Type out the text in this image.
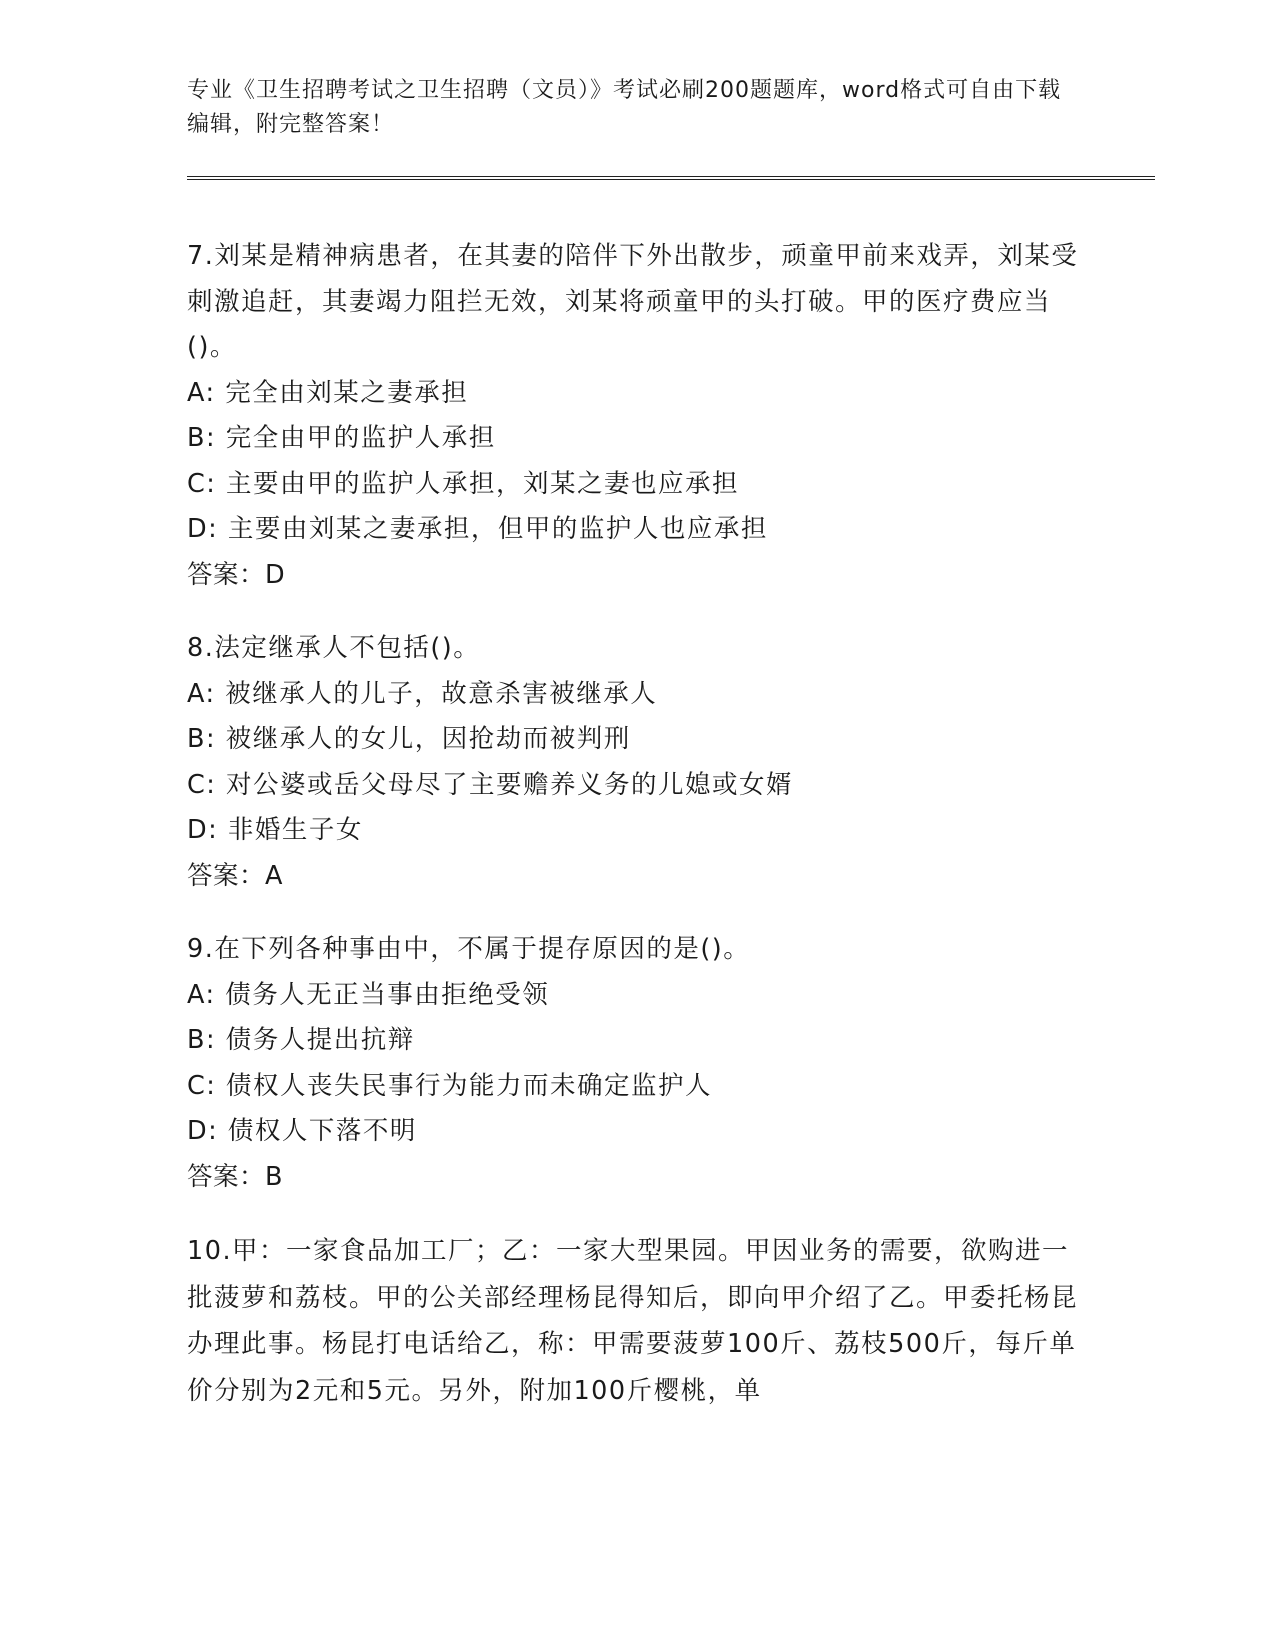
专业《卫生招聘考试之卫生招聘（文员）》考试必刷200题题库，word格式可自由下载编辑，附完整答案！

7.刘某是精神病患者，在其妻的陪伴下外出散步，顽童甲前来戏弄，刘某受刺激追赶，其妻竭力阻拦无效，刘某将顽童甲的头打破。甲的医疗费应当()。

A: 完全由刘某之妻承担

B: 完全由甲的监护人承担

C: 主要由甲的监护人承担，刘某之妻也应承担

D: 主要由刘某之妻承担，但甲的监护人也应承担

答案：D

8.法定继承人不包括()。

A: 被继承人的儿子，故意杀害被继承人

B: 被继承人的女儿，因抢劫而被判刑

C: 对公婆或岳父母尽了主要赡养义务的儿媳或女婿

D: 非婚生子女

答案：A

9.在下列各种事由中，不属于提存原因的是()。

A: 债务人无正当事由拒绝受领

B: 债务人提出抗辩

C: 债权人丧失民事行为能力而未确定监护人

D: 债权人下落不明

答案：B

10.甲：一家食品加工厂；乙：一家大型果园。甲因业务的需要，欲购进一批菠萝和荔枝。甲的公关部经理杨昆得知后，即向甲介绍了乙。甲委托杨昆办理此事。杨昆打电话给乙，称：甲需要菠萝100斤、荔枝500斤，每斤单价分别为2元和5元。另外，附加100斤樱桃，单
